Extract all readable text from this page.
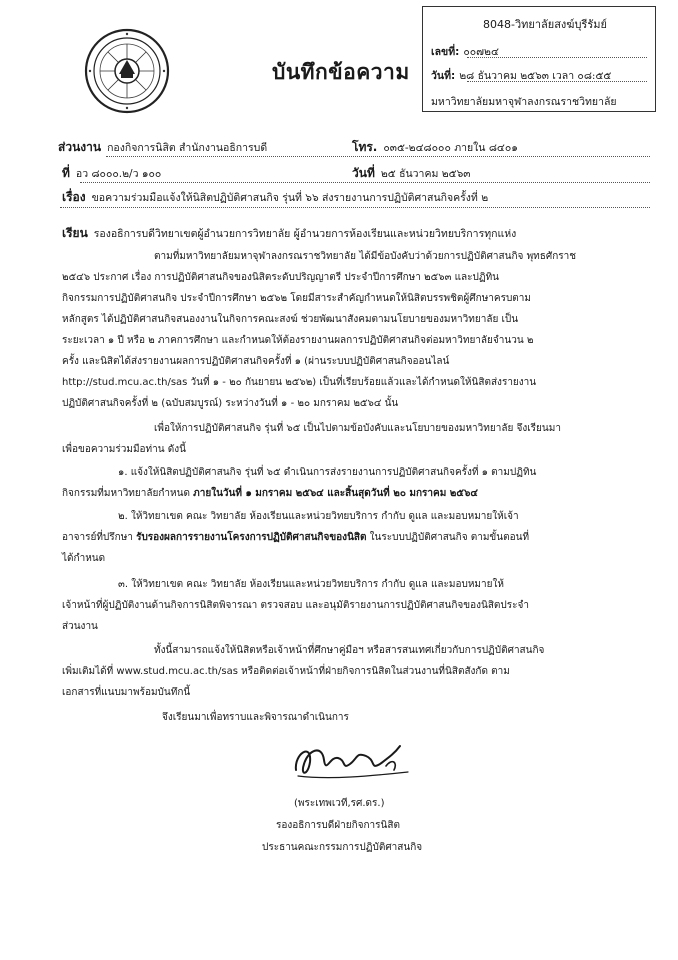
บันทึกข้อความ
8048-วิทยาลัยสงฆ์บุรีรัมย์
เลขที่: ๐๐๗๒๔
วันที่: ๒๘ ธันวาคม ๒๕๖๓ เวลา ๐๘:๕๕
มหาวิทยาลัยมหาจุฬาลงกรณราชวิทยาลัย
ส่วนงาน กองกิจการนิสิต สำนักงานอธิการบดี	โทร. ๐๓๕-๒๔๘๐๐๐ ภายใน ๘๔๐๑
ที่ อว ๘๐๐๐.๒/ว ๑๐๐	วันที่ ๒๕ ธันวาคม ๒๕๖๓
เรื่อง ขอความร่วมมือแจ้งให้นิสิตปฏิบัติศาสนกิจ รุ่นที่ ๖๖ ส่งรายงานการปฏิบัติศาสนกิจครั้งที่ ๒
เรียน รองอธิการบดีวิทยาเขตผู้อำนวยการวิทยาลัย ผู้อำนวยการห้องเรียนและหน่วยวิทยบริการทุกแห่ง
ตามที่มหาวิทยาลัยมหาจุฬาลงกรณราชวิทยาลัย ได้มีข้อบังคับว่าด้วยการปฏิบัติศาสนกิจ พุทธศักราช
๒๕๔๖ ประกาศ เรื่อง การปฏิบัติศาสนกิจของนิสิตระดับปริญญาตรี ประจำปีการศึกษา ๒๕๖๓ และปฏิทิน
กิจกรรมการปฏิบัติศาสนกิจ ประจำปีการศึกษา ๒๕๖๒ โดยมีสาระสำคัญกำหนดให้นิสิตบรรพชิตผู้ศึกษาครบตาม
หลักสูตร ได้ปฏิบัติศาสนกิจสนองงานในกิจการคณะสงฆ์ ช่วยพัฒนาสังคมตามนโยบายของมหาวิทยาลัย เป็น
ระยะเวลา ๑ ปี หรือ ๒ ภาคการศึกษา และกำหนดให้ต้องรายงานผลการปฏิบัติศาสนกิจต่อมหาวิทยาลัยจำนวน ๒
ครั้ง และนิสิตได้ส่งรายงานผลการปฏิบัติศาสนกิจครั้งที่ ๑ (ผ่านระบบปฏิบัติศาสนกิจออนไลน์
http://stud.mcu.ac.th/sas วันที่ ๑ - ๒๐ กันยายน ๒๕๖๒) เป็นที่เรียบร้อยแล้วและได้กำหนดให้นิสิตส่งรายงาน
ปฏิบัติศาสนกิจครั้งที่ ๒ (ฉบับสมบูรณ์) ระหว่างวันที่ ๑ - ๒๐ มกราคม ๒๕๖๔ นั้น
เพื่อให้การปฏิบัติศาสนกิจ รุ่นที่ ๖๕ เป็นไปตามข้อบังคับและนโยบายของมหาวิทยาลัย จึงเรียนมา
เพื่อขอความร่วมมือท่าน ดังนี้
๑. แจ้งให้นิสิตปฏิบัติศาสนกิจ รุ่นที่ ๖๕ ดำเนินการส่งรายงานการปฏิบัติศาสนกิจครั้งที่ ๑ ตามปฏิทิน
กิจกรรมที่มหาวิทยาลัยกำหนด ภายในวันที่ ๑ มกราคม ๒๕๖๔ และสิ้นสุดวันที่ ๒๐ มกราคม ๒๕๖๔
๒. ให้วิทยาเขต คณะ วิทยาลัย ห้องเรียนและหน่วยวิทยบริการ กำกับ ดูแล และมอบหมายให้เจ้า
อาจารย์ที่ปรึกษา รับรองผลการรายงานโครงการปฏิบัติศาสนกิจของนิสิต ในระบบปฏิบัติศาสนกิจ ตามขั้นตอนที่
ได้กำหนด
๓. ให้วิทยาเขต คณะ วิทยาลัย ห้องเรียนและหน่วยวิทยบริการ กำกับ ดูแล และมอบหมายให้
เจ้าหน้าที่ผู้ปฏิบัติงานด้านกิจการนิสิตพิจารณา ตรวจสอบ และอนุมัติรายงานการปฏิบัติศาสนกิจของนิสิตประจำ
ส่วนงาน
ทั้งนี้สามารถแจ้งให้นิสิตหรือเจ้าหน้าที่ศึกษาคู่มือฯ หรือสารสนเทศเกี่ยวกับการปฏิบัติศาสนกิจ
เพิ่มเติมได้ที่ www.stud.mcu.ac.th/sas หรือติดต่อเจ้าหน้าที่ฝ่ายกิจการนิสิตในส่วนงานที่นิสิตสังกัด ตาม
เอกสารที่แนบมาพร้อมบันทึกนี้
จึงเรียนมาเพื่อทราบและพิจารณาดำเนินการ
(พระเทพเวที,รศ.ดร.)
รองอธิการบดีฝ่ายกิจการนิสิต
ประธานคณะกรรมการปฏิบัติศาสนกิจ
